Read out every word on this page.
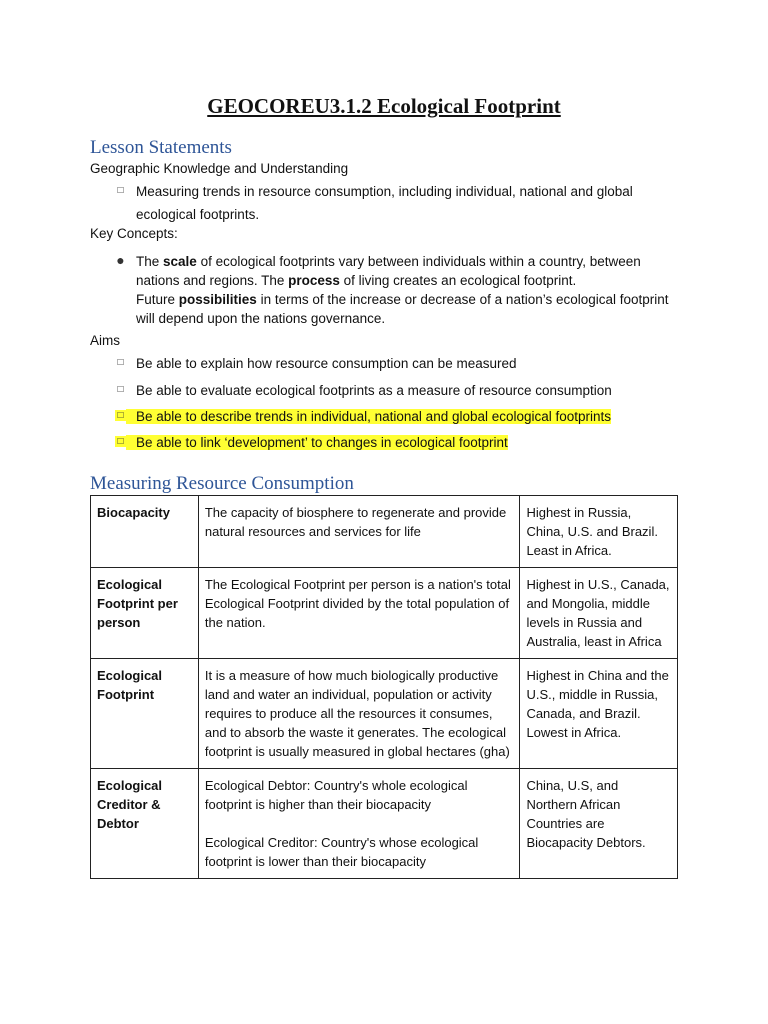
GEOCOREU3.1.2 Ecological Footprint
Lesson Statements

Geographic Knowledge and Understanding

□ Measuring trends in resource consumption, including individual, national and global

ecological footprints.

Key Concepts:

● The scale of ecological footprints vary between individuals within a country, between nations and regions. The process of living creates an ecological footprint.
Future possibilities in terms of the increase or decrease of a nation’s ecological footprint will depend upon the nations governance.

Aims

□ Be able to explain how resource consumption can be measured
□ Be able to evaluate ecological footprints as a measure of resource consumption
□ Be able to describe trends in individual, national and global ecological footprints
□ Be able to link ‘development’ to changes in ecological footprint
Measuring Resource Consumption
Biocapacity	The capacity of biosphere to regenerate and provide natural resources and services for life	Highest in Russia, China, U.S. and Brazil. Least in Africa.
Ecological Footprint per person	The Ecological Footprint per person is a nation's total Ecological Footprint divided by the total population of the nation.	Highest in U.S., Canada, and Mongolia, middle levels in Russia and Australia, least in Africa
Ecological Footprint	It is a measure of how much biologically productive land and water an individual, population or activity requires to produce all the resources it consumes, and to absorb the waste it generates. The ecological footprint is usually measured in global hectares (gha)	Highest in China and the U.S., middle in Russia, Canada, and Brazil. Lowest in Africa.
Ecological Creditor & Debtor	Ecological Debtor: Country's whole ecological footprint is higher than their biocapacity
Ecological Creditor: Country's whose ecological footprint is lower than their biocapacity	China, U.S, and Northern African Countries are Biocapacity Debtors.
